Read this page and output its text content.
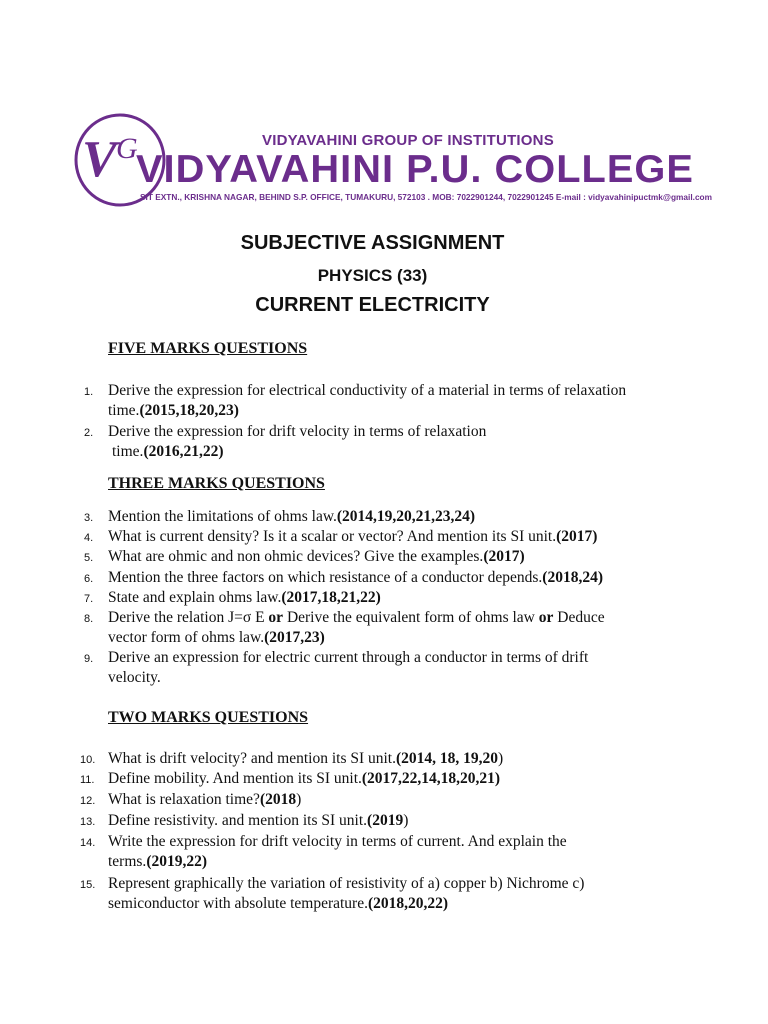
V G	VIDYAVAHINI GROUP OF INSTITUTIONS
VIDYAVAHINI P.U. COLLEGE
SIT EXTN., KRISHNA NAGAR, BEHIND S.P. OFFICE, TUMAKURU, 572103 . MOB: 7022901244, 7022901245 E-mail : vidyavahinipuctmk@gmail.com
SUBJECTIVE ASSIGNMENT
PHYSICS (33)
CURRENT ELECTRICITY
FIVE MARKS QUESTIONS
1. Derive the expression for electrical conductivity of a material in terms of relaxation
time.(2015,18,20,23)
2. Derive the expression for drift velocity in terms of relaxation
time.(2016,21,22)
THREE MARKS QUESTIONS
3. Mention the limitations of ohms law.(2014,19,20,21,23,24)
4. What is current density? Is it a scalar or vector? And mention its SI unit.(2017)
5. What are ohmic and non ohmic devices? Give the examples.(2017)
6. Mention the three factors on which resistance of a conductor depends.(2018,24)
7. State and explain ohms law.(2017,18,21,22)
8. Derive the relation J=σ E or Derive the equivalent form of ohms law or Deduce
vector form of ohms law.(2017,23)
9. Derive an expression for electric current through a conductor in terms of drift
velocity.
TWO MARKS QUESTIONS
10. What is drift velocity? and mention its SI unit.(2014, 18, 19,20)
11. Define mobility. And mention its SI unit.(2017,22,14,18,20,21)
12. What is relaxation time?(2018)
13. Define resistivity. and mention its SI unit.(2019)
14. Write the expression for drift velocity in terms of current. And explain the
terms.(2019,22)
15. Represent graphically the variation of resistivity of a) copper b) Nichrome c)
semiconductor with absolute temperature.(2018,20,22)
